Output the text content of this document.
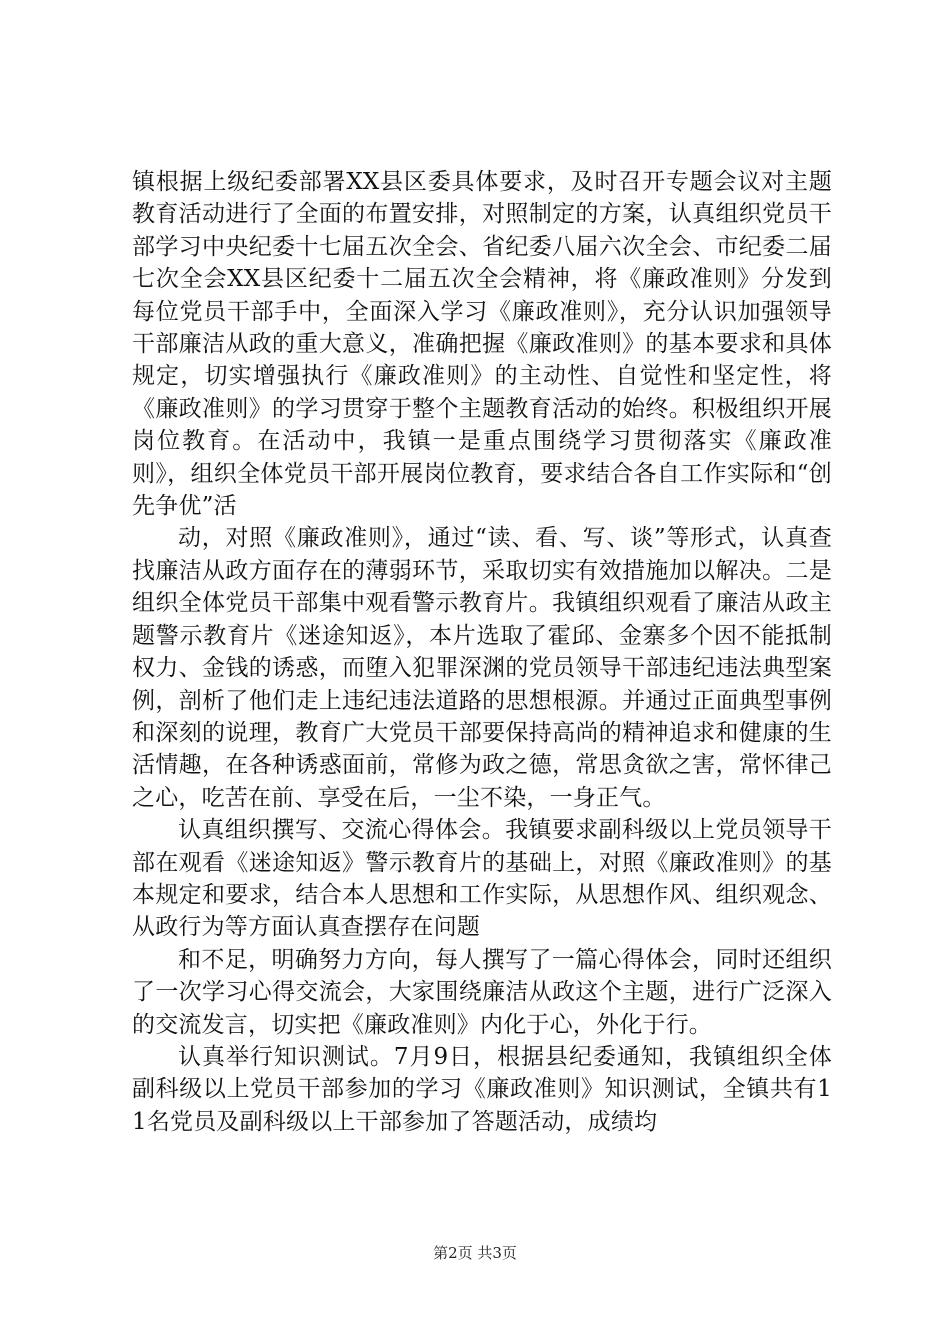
镇根据上级纪委部署XX县区委具体要求，及时召开专题会议对主题教育活动进行了全面的布置安排，对照制定的方案，认真组织党员干部学习中央纪委十七届五次全会、省纪委八届六次全会、市纪委二届七次全会XX县区纪委十二届五次全会精神，将《廉政准则》分发到每位党员干部手中，全面深入学习《廉政准则》，充分认识加强领导干部廉洁从政的重大意义，准确把握《廉政准则》的基本要求和具体规定，切实增强执行《廉政准则》的主动性、自觉性和坚定性，将《廉政准则》的学习贯穿于整个主题教育活动的始终。积极组织开展岗位教育。在活动中，我镇一是重点围绕学习贯彻落实《廉政准则》，组织全体党员干部开展岗位教育，要求结合各自工作实际和“创先争优”活

动，对照《廉政准则》，通过“读、看、写、谈”等形式，认真查找廉洁从政方面存在的薄弱环节，采取切实有效措施加以解决。二是组织全体党员干部集中观看警示教育片。我镇组织观看了廉洁从政主题警示教育片《迷途知返》，本片选取了霍邱、金寨多个因不能抵制权力、金钱的诱惑，而堕入犯罪深渊的党员领导干部违纪违法典型案例，剖析了他们走上违纪违法道路的思想根源。并通过正面典型事例和深刻的说理，教育广大党员干部要保持高尚的精神追求和健康的生活情趣，在各种诱惑面前，常修为政之德，常思贪欲之害，常怀律己之心，吃苦在前、享受在后，一尘不染，一身正气。

认真组织撰写、交流心得体会。我镇要求副科级以上党员领导干部在观看《迷途知返》警示教育片的基础上，对照《廉政准则》的基本规定和要求，结合本人思想和工作实际，从思想作风、组织观念、从政行为等方面认真查摆存在问题

和不足，明确努力方向，每人撰写了一篇心得体会，同时还组织了一次学习心得交流会，大家围绕廉洁从政这个主题，进行广泛深入的交流发言，切实把《廉政准则》内化于心，外化于行。

认真举行知识测试。7月9日，根据县纪委通知，我镇组织全体副科级以上党员干部参加的学习《廉政准则》知识测试，全镇共有11名党员及副科级以上干部参加了答题活动，成绩均

第2页 共3页
